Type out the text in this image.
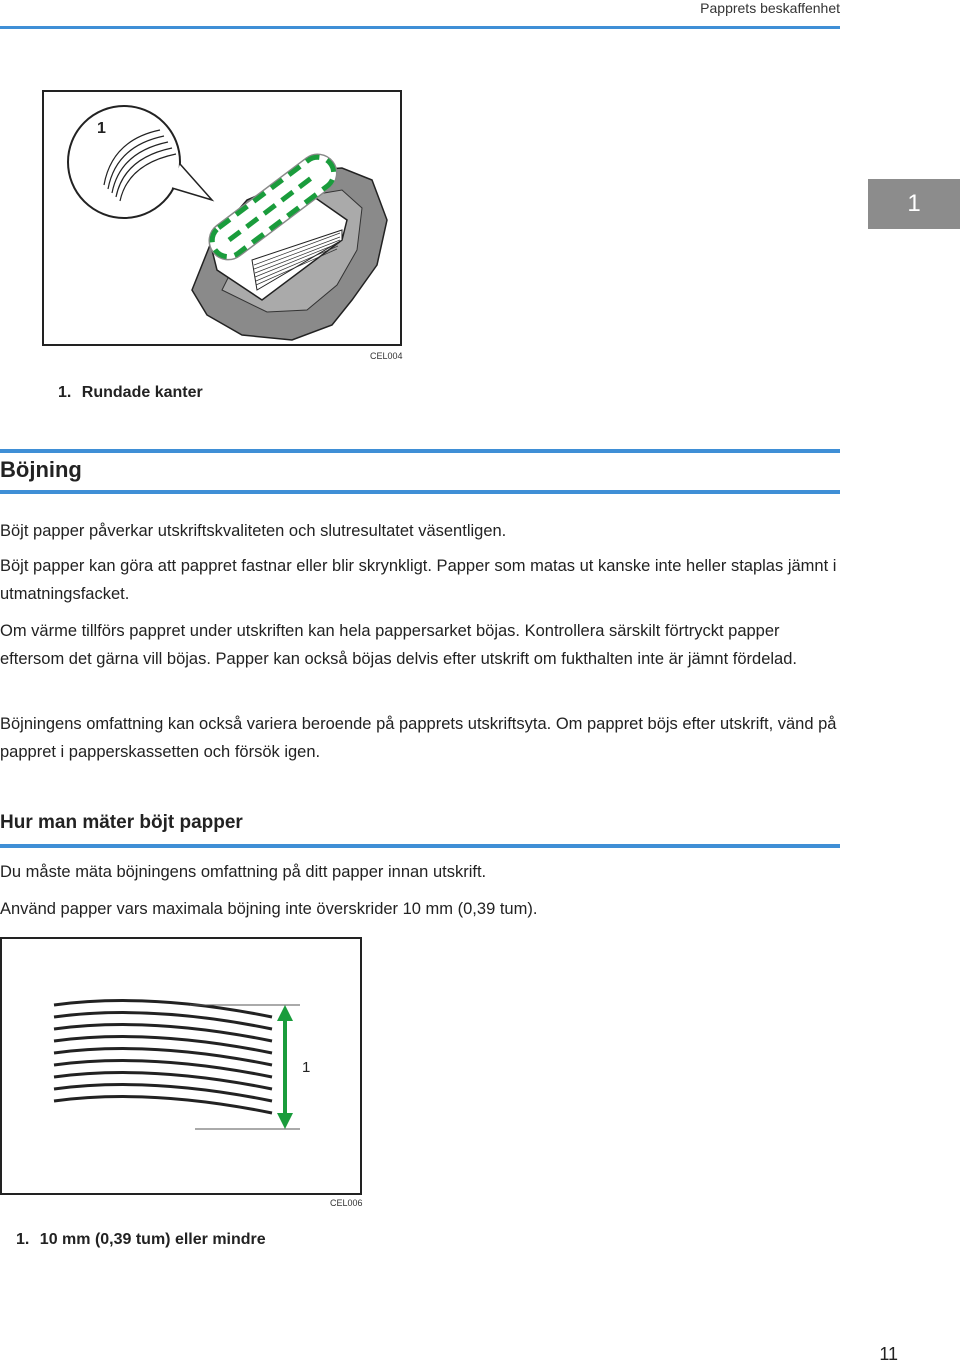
Papprets beskaffenhet
1
1
CEL004
1. Rundade kanter
Böjning
Böjt papper påverkar utskriftskvaliteten och slutresultatet väsentligen.
Böjt papper kan göra att pappret fastnar eller blir skrynkligt. Papper som matas ut kanske inte heller staplas jämnt i utmatningsfacket.
Om värme tillförs pappret under utskriften kan hela pappersarket böjas. Kontrollera särskilt förtryckt papper eftersom det gärna vill böjas. Papper kan också böjas delvis efter utskrift om fukthalten inte är jämnt fördelad.
Böjningens omfattning kan också variera beroende på papprets utskriftsyta. Om pappret böjs efter utskrift, vänd på pappret i papperskassetten och försök igen.
Hur man mäter böjt papper
Du måste mäta böjningens omfattning på ditt papper innan utskrift.
Använd papper vars maximala böjning inte överskrider 10 mm (0,39 tum).
1
CEL006
1. 10 mm (0,39 tum) eller mindre
11
